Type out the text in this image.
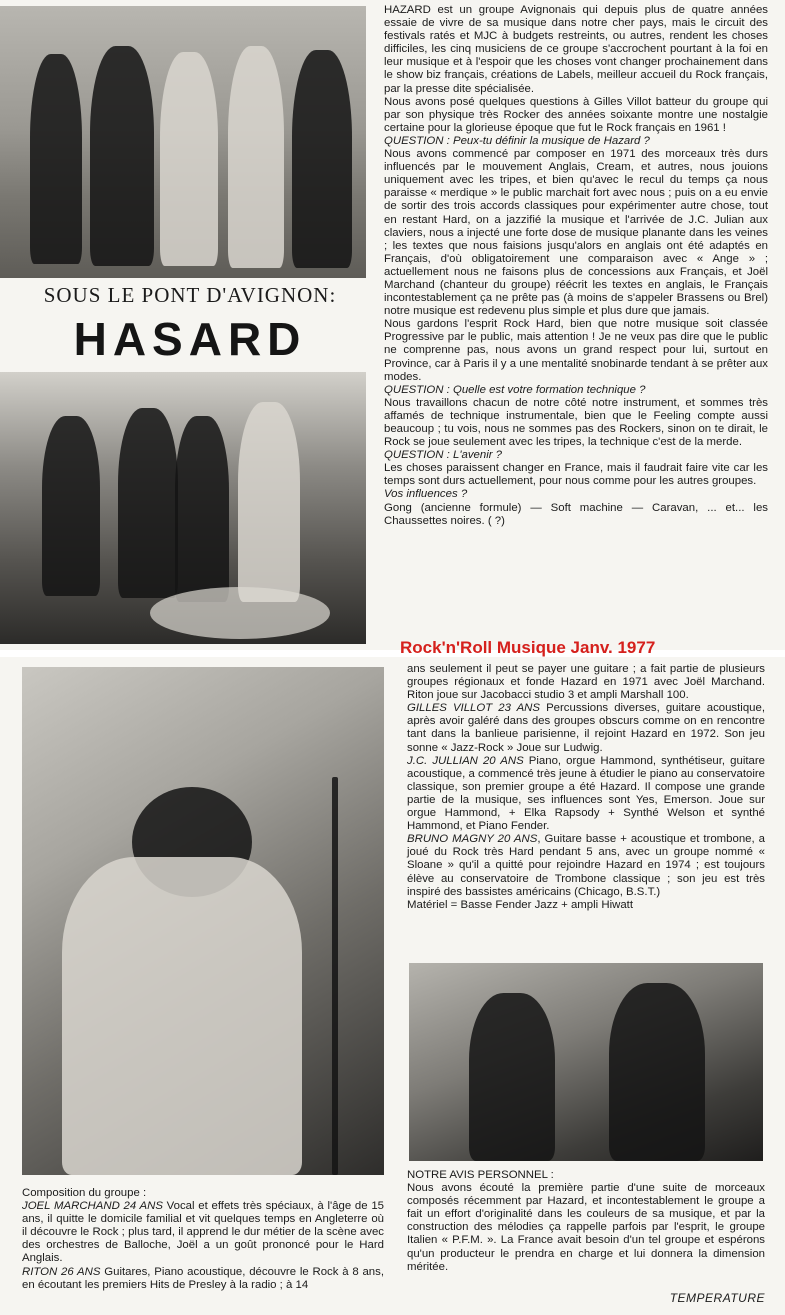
SOUS LE PONT D'AVIGNON:
HASARD

HAZARD est un groupe Avignonais qui depuis plus de quatre années essaie de vivre de sa musique dans notre cher pays, mais le circuit des festivals ratés et MJC à budgets restreints, ou autres, rendent les choses difficiles, les cinq musiciens de ce groupe s'accrochent pourtant à la foi en leur musique et à l'espoir que les choses vont changer prochainement dans le show biz français, créations de Labels, meilleur accueil du Rock français, par la presse dite spécialisée.

Nous avons posé quelques questions à Gilles Villot batteur du groupe qui par son physique très Rocker des années soixante montre une nostalgie certaine pour la glorieuse époque que fut le Rock français en 1961 !

QUESTION : Peux-tu définir la musique de Hazard ?

Nous avons commencé par composer en 1971 des morceaux très durs influencés par le mouvement Anglais, Cream, et autres, nous jouions uniquement avec les tripes, et bien qu'avec le recul du temps ça nous paraisse « merdique » le public marchait fort avec nous ; puis on a eu envie de sortir des trois accords classiques pour expérimenter autre chose, tout en restant Hard, on a jazzifié la musique et l'arrivée de J.C. Julian aux claviers, nous a injecté une forte dose de musique planante dans les veines ; les textes que nous faisions jusqu'alors en anglais ont été adaptés en Français, d'où obligatoirement une comparaison avec « Ange » ; actuellement nous ne faisons plus de concessions aux Français, et Joël Marchand (chanteur du groupe) réécrit les textes en anglais, le Français incontestablement ça ne prête pas (à moins de s'appeler Brassens ou Brel) notre musique est redevenu plus simple et plus dure que jamais.

Nous gardons l'esprit Rock Hard, bien que notre musique soit classée Progressive par le public, mais attention ! Je ne veux pas dire que le public ne comprenne pas, nous avons un grand respect pour lui, surtout en Province, car à Paris il y a une mentalité snobinarde tendant à se prêter aux modes.

QUESTION : Quelle est votre formation technique ?

Nous travaillons chacun de notre côté notre instrument, et sommes très affamés de technique instrumentale, bien que le Feeling compte aussi beaucoup ; tu vois, nous ne sommes pas des Rockers, sinon on te dirait, le Rock se joue seulement avec les tripes, la technique c'est de la merde.

QUESTION : L'avenir ?

Les choses paraissent changer en France, mais il faudrait faire vite car les temps sont durs actuellement, pour nous comme pour les autres groupes.

Vos influences ?

Gong (ancienne formule) — Soft machine — Caravan, ... et... les Chaussettes noires. ( ?)

Rock'n'Roll Musique Janv. 1977

ans seulement il peut se payer une guitare ; a fait partie de plusieurs groupes régionaux et fonde Hazard en 1971 avec Joël Marchand. Riton joue sur Jacobacci studio 3 et ampli Marshall 100.

GILLES VILLOT 23 ANS Percussions diverses, guitare acoustique, après avoir galéré dans des groupes obscurs comme on en rencontre tant dans la banlieue parisienne, il rejoint Hazard en 1972. Son jeu sonne « Jazz-Rock » Joue sur Ludwig.

J.C. JULLIAN 20 ANS Piano, orgue Hammond, synthétiseur, guitare acoustique, a commencé très jeune à étudier le piano au conservatoire classique, son premier groupe a été Hazard. Il compose une grande partie de la musique, ses influences sont Yes, Emerson. Joue sur orgue Hammond, + Elka Rapsody + Synthé Welson et synthé Hammond, et Piano Fender.

BRUNO MAGNY 20 ANS, Guitare basse + acoustique et trombone, a joué du Rock très Hard pendant 5 ans, avec un groupe nommé « Sloane » qu'il a quitté pour rejoindre Hazard en 1974 ; est toujours élève au conservatoire de Trombone classique ; son jeu est très inspiré des bassistes américains (Chicago, B.S.T.)

Matériel = Basse Fender Jazz + ampli Hiwatt

NOTRE AVIS PERSONNEL :

Nous avons écouté la première partie d'une suite de morceaux composés récemment par Hazard, et incontestablement le groupe a fait un effort d'originalité dans les couleurs de sa musique, et par la construction des mélodies ça rappelle parfois par l'esprit, le groupe Italien « P.F.M. ». La France avait besoin d'un tel groupe et espérons qu'un producteur le prendra en charge et lui donnera la dimension méritée.

Composition du groupe :

JOEL MARCHAND 24 ANS Vocal et effets très spéciaux, à l'âge de 15 ans, il quitte le domicile familial et vit quelques temps en Angleterre où il découvre le Rock ; plus tard, il apprend le dur métier de la scène avec des orchestres de Balloche, Joël a un goût prononcé pour le Hard Anglais.

RITON 26 ANS Guitares, Piano acoustique, découvre le Rock à 8 ans, en écoutant les premiers Hits de Presley à la radio ; à 14

TEMPERATURE
